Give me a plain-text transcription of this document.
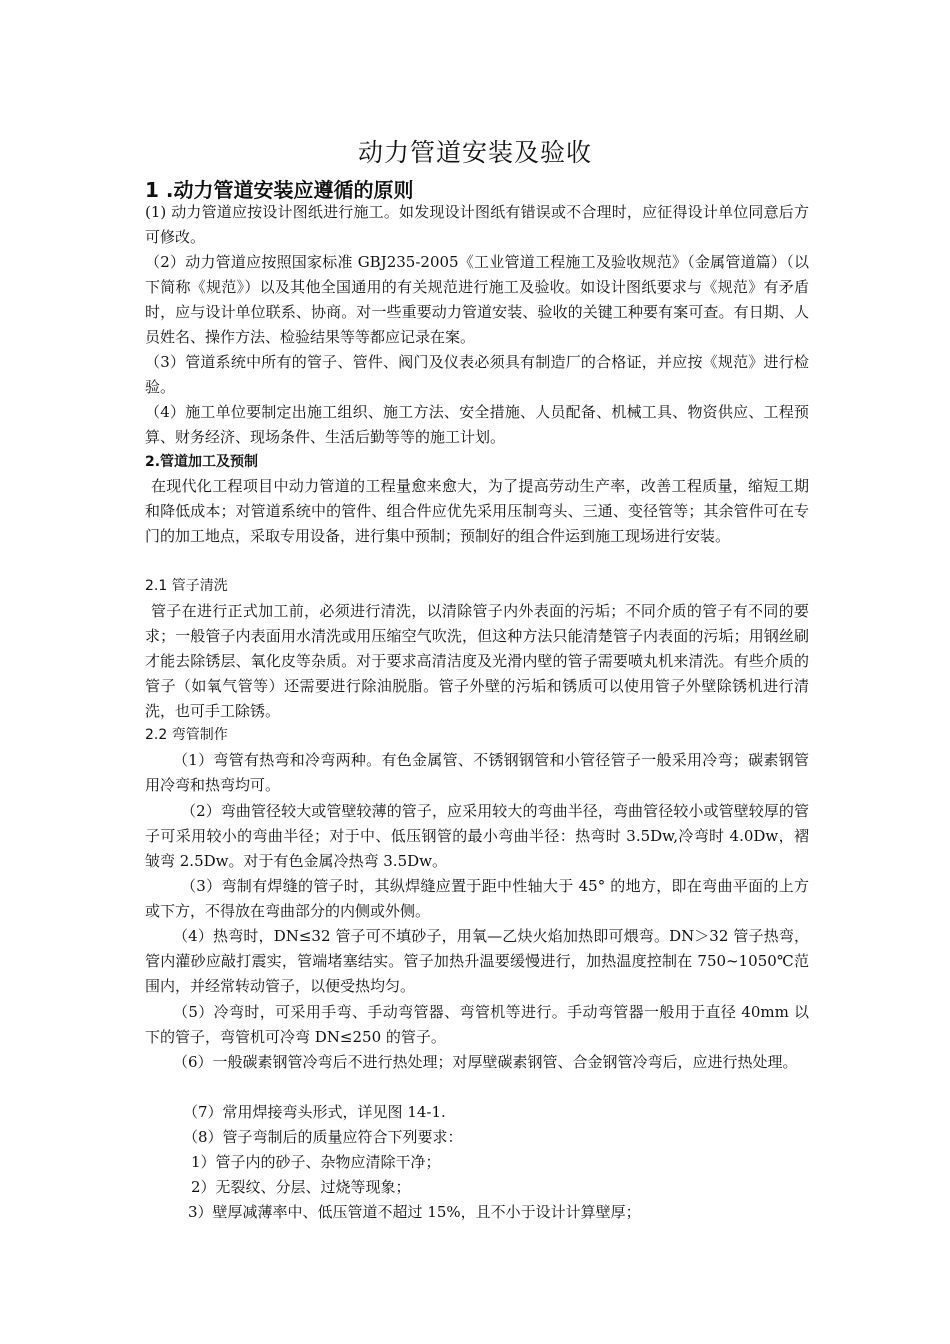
动力管道安装及验收
1 .动力管道安装应遵循的原则
(1) 动力管道应按设计图纸进行施工。如发现设计图纸有错误或不合理时，应征得设计单位同意后方可修改。
（2）动力管道应按照国家标准 GBJ235-2005《工业管道工程施工及验收规范》（金属管道篇）（以下简称《规范》）以及其他全国通用的有关规范进行施工及验收。如设计图纸要求与《规范》有矛盾时，应与设计单位联系、协商。对一些重要动力管道安装、验收的关键工种要有案可查。有日期、人员姓名、操作方法、检验结果等等都应记录在案。
（3）管道系统中所有的管子、管件、阀门及仪表必须具有制造厂的合格证，并应按《规范》进行检验。
（4）施工单位要制定出施工组织、施工方法、安全措施、人员配备、机械工具、物资供应、工程预算、财务经济、现场条件、生活后勤等等的施工计划。
2.管道加工及预制
在现代化工程项目中动力管道的工程量愈来愈大，为了提高劳动生产率，改善工程质量，缩短工期和降低成本；对管道系统中的管件、组合件应优先采用压制弯头、三通、变径管等；其余管件可在专门的加工地点，采取专用设备，进行集中预制；预制好的组合件运到施工现场进行安装。
2.1 管子清洗
管子在进行正式加工前，必须进行清洗，以清除管子内外表面的污垢；不同介质的管子有不同的要求；一般管子内表面用水清洗或用压缩空气吹洗，但这种方法只能清楚管子内表面的污垢；用钢丝刷才能去除锈层、氧化皮等杂质。对于要求高清洁度及光滑内壁的管子需要喷丸机来清洗。有些介质的管子（如氧气管等）还需要进行除油脱脂。管子外壁的污垢和锈质可以使用管子外壁除锈机进行清洗，也可手工除锈。
2.2 弯管制作
（1）弯管有热弯和冷弯两种。有色金属管、不锈钢钢管和小管径管子一般采用冷弯；碳素钢管用冷弯和热弯均可。
（2）弯曲管径较大或管壁较薄的管子，应采用较大的弯曲半径，弯曲管径较小或管壁较厚的管子可采用较小的弯曲半径；对于中、低压钢管的最小弯曲半径：热弯时 3.5Dw,冷弯时 4.0Dw，褶皱弯 2.5Dw。对于有色金属冷热弯 3.5Dw。
（3）弯制有焊缝的管子时，其纵焊缝应置于距中性轴大于 45° 的地方，即在弯曲平面的上方或下方，不得放在弯曲部分的内侧或外侧。
（4）热弯时，DN≤32 管子可不填砂子，用氧—乙炔火焰加热即可煨弯。DN＞32 管子热弯，管内灌砂应敲打震实，管端堵塞结实。管子加热升温要缓慢进行，加热温度控制在 750~1050℃范围内，并经常转动管子，以便受热均匀。
（5）冷弯时，可采用手弯、手动弯管器、弯管机等进行。手动弯管器一般用于直径 40mm 以下的管子，弯管机可冷弯 DN≤250 的管子。
（6）一般碳素钢管冷弯后不进行热处理；对厚壁碳素钢管、合金钢管冷弯后，应进行热处理。
（7）常用焊接弯头形式，详见图 14-1.
（8）管子弯制后的质量应符合下列要求：
1）管子内的砂子、杂物应清除干净；
2）无裂纹、分层、过烧等现象；
3）壁厚减薄率中、低压管道不超过 15%，且不小于设计计算壁厚；
